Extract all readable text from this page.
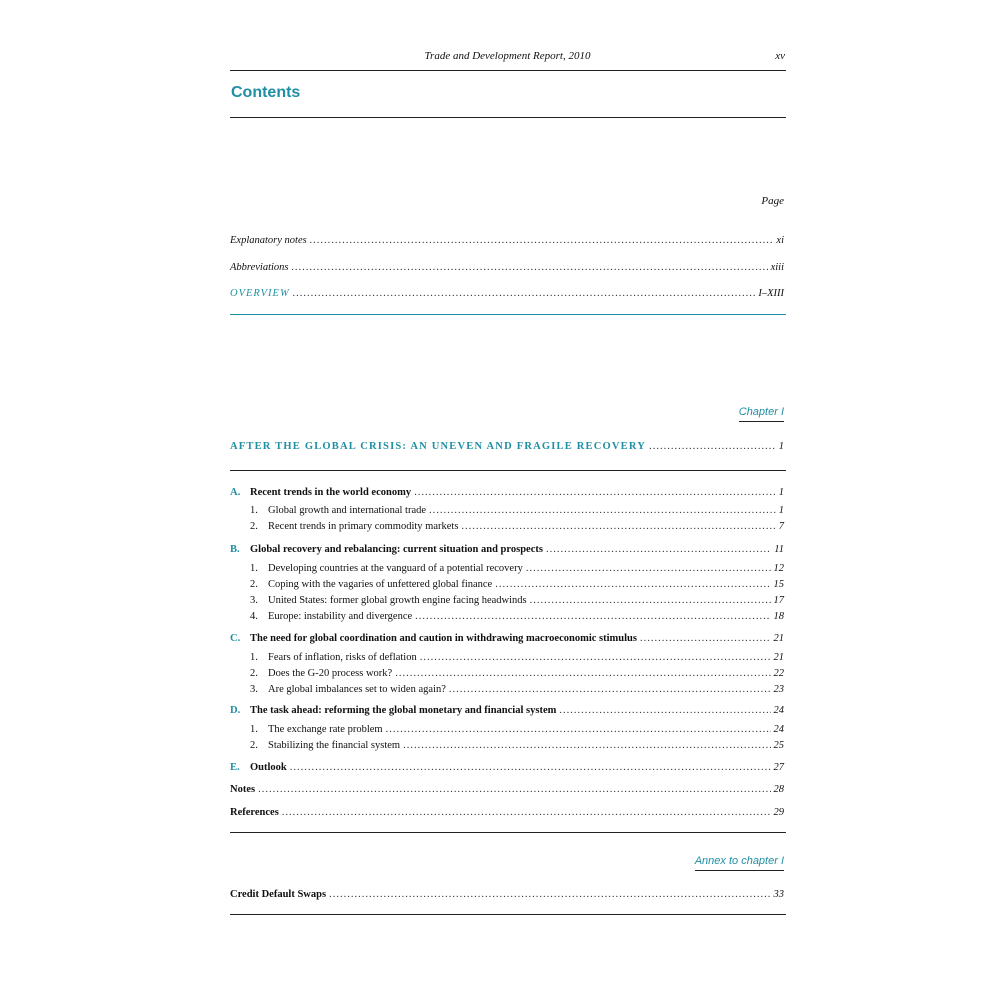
Trade and Development Report, 2010	xv
Contents
Page
Explanatory notes .....	xi
Abbreviations .....	xiii
OVERVIEW .....	I–XIII
Chapter I
AFTER THE GLOBAL CRISIS: AN UNEVEN AND FRAGILE RECOVERY .....	1
A. Recent trends in the world economy .....	1
1. Global growth and international trade .....	1
2. Recent trends in primary commodity markets .....	7
B. Global recovery and rebalancing: current situation and prospects .....	11
1. Developing countries at the vanguard of a potential recovery .....	12
2. Coping with the vagaries of unfettered global finance .....	15
3. United States: former global growth engine facing headwinds .....	17
4. Europe: instability and divergence .....	18
C. The need for global coordination and caution in withdrawing macroeconomic stimulus .....	21
1. Fears of inflation, risks of deflation .....	21
2. Does the G-20 process work? .....	22
3. Are global imbalances set to widen again? .....	23
D. The task ahead: reforming the global monetary and financial system .....	24
1. The exchange rate problem .....	24
2. Stabilizing the financial system .....	25
E. Outlook .....	27
Notes .....	28
References .....	29
Annex to chapter I
Credit Default Swaps .....	33
